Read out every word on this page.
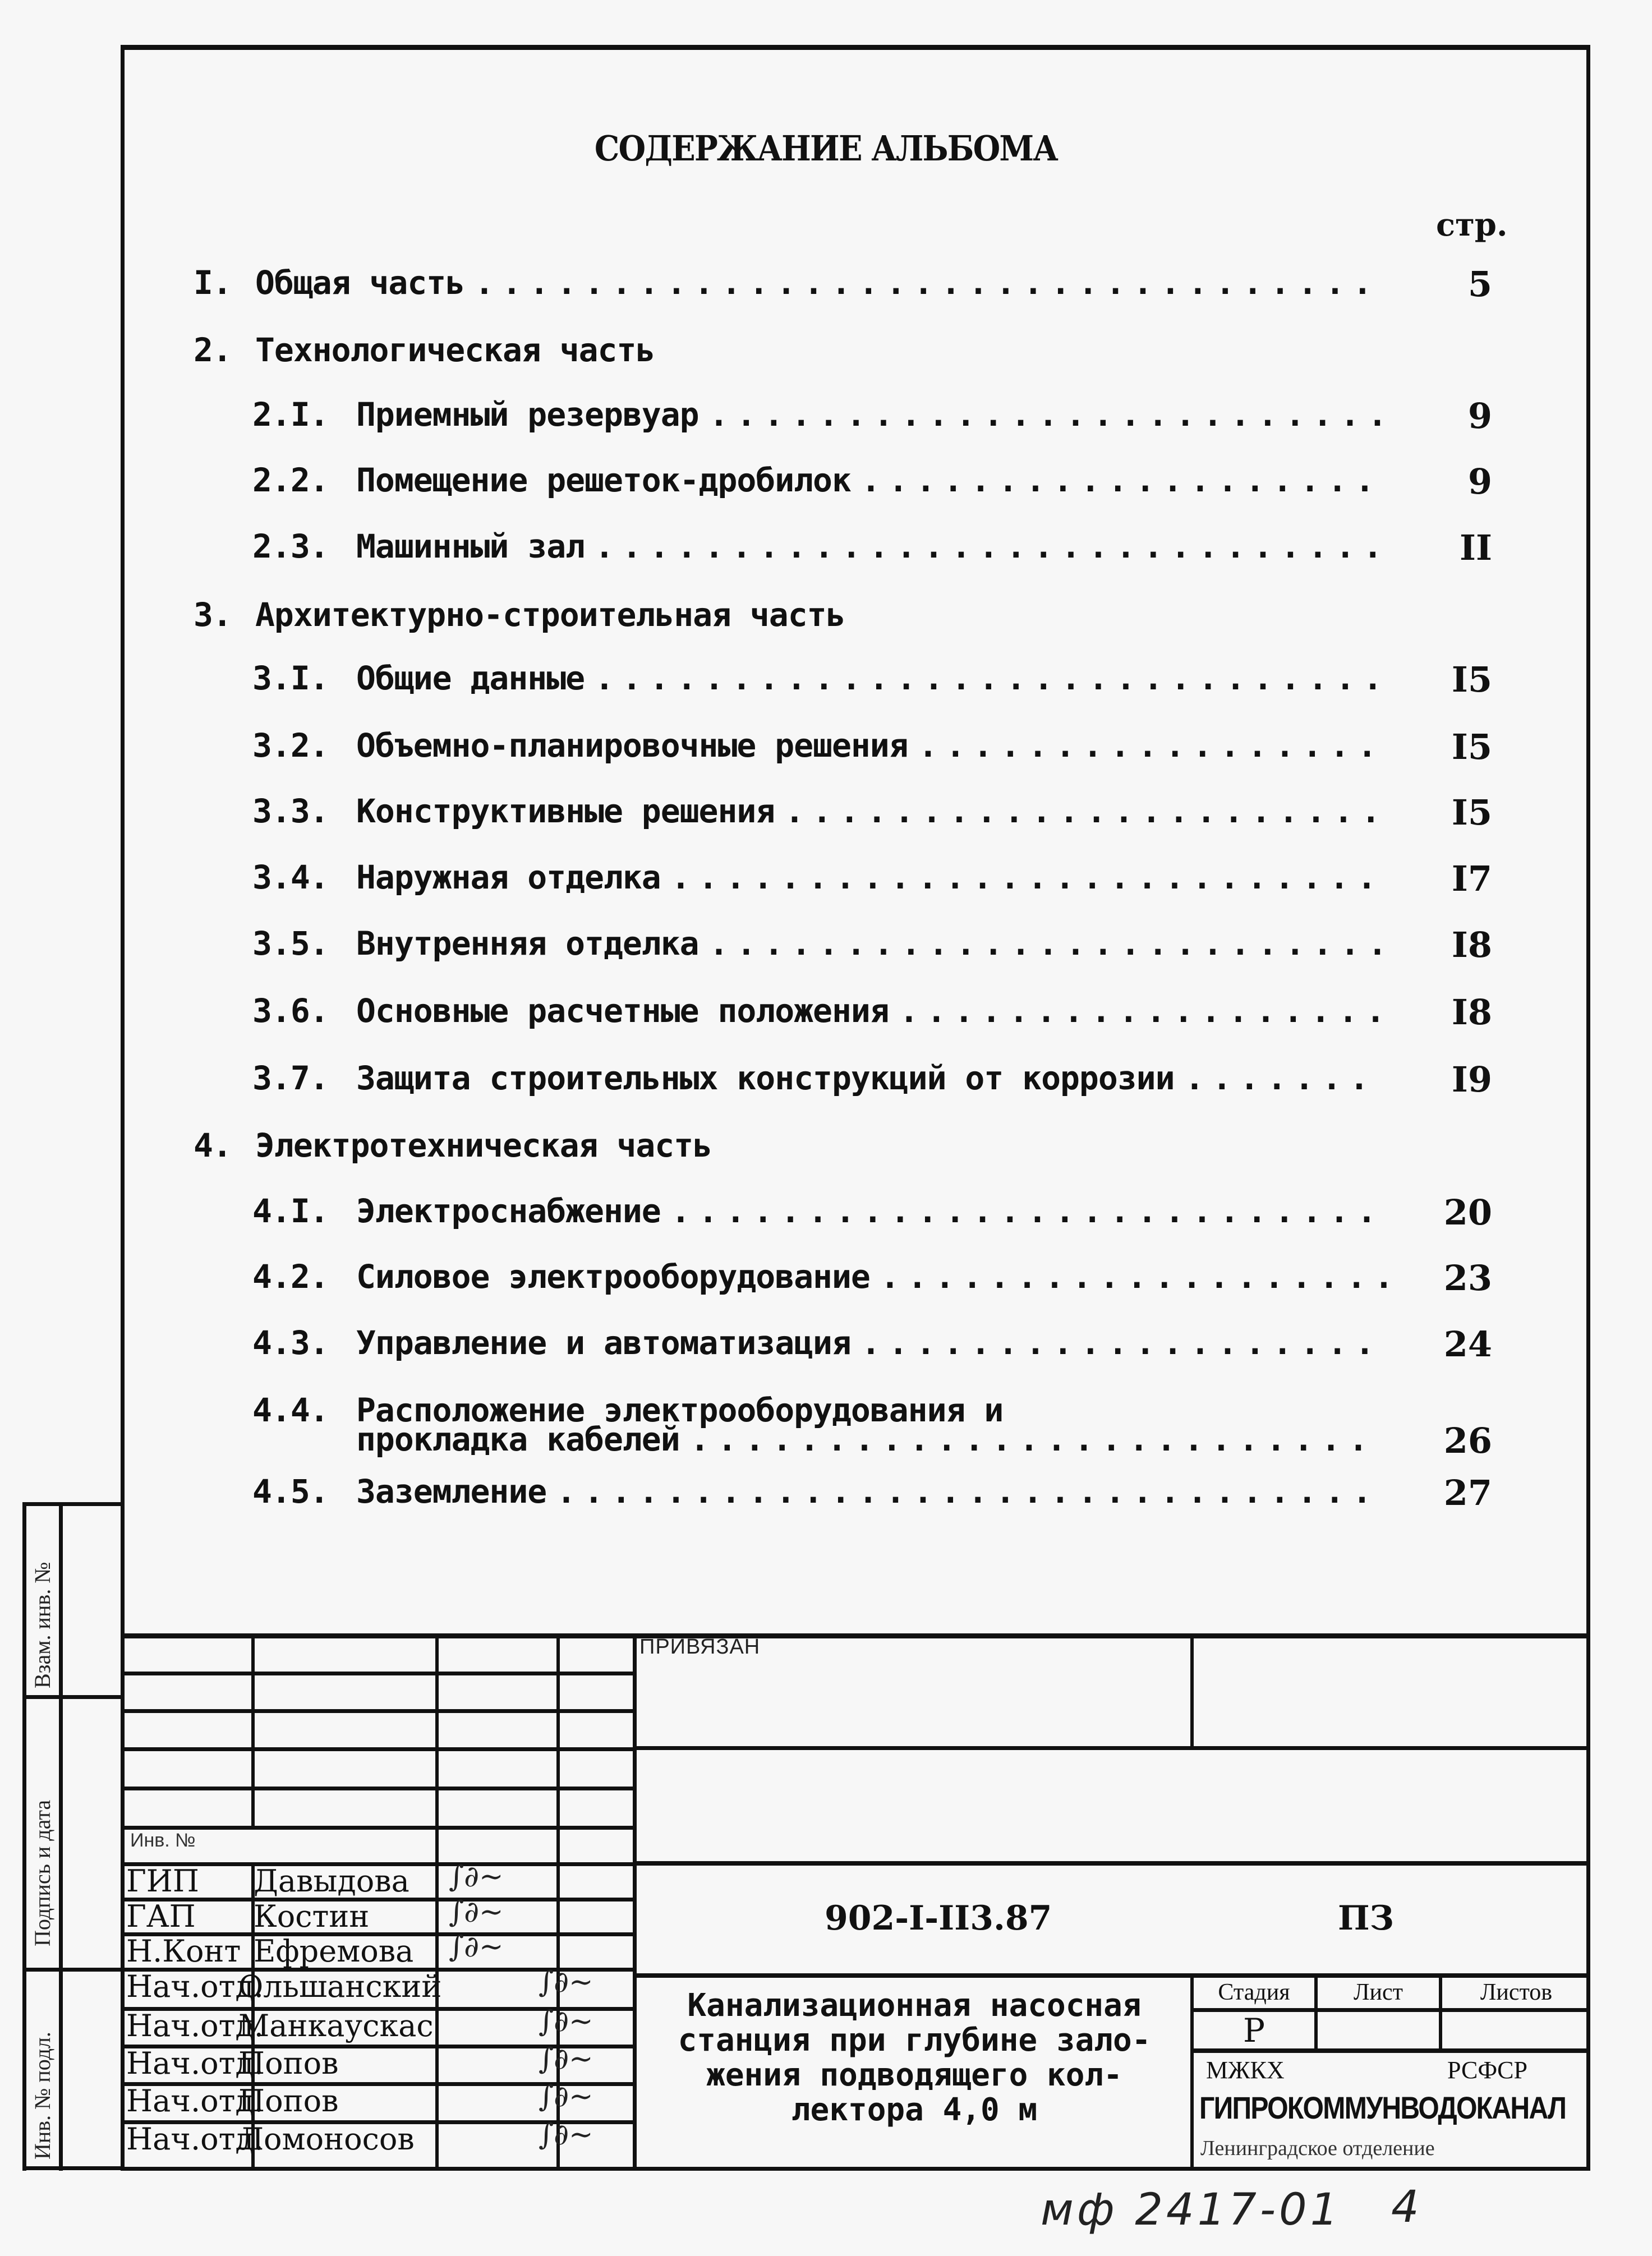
СОДЕРЖАНИЕ АЛЬБОМА
стр.
I. Общая часть .................................	5
2. Технологическая часть
2.I. Приемный резервуар .........................	9
2.2. Помещение решеток-дробилок ...................	9
2.3. Машинный зал .............................	II
3. Архитектурно-строительная часть
3.I. Общие данные .............................	I5
3.2. Объемно-планировочные решения .................	I5
3.3. Конструктивные решения ......................	I5
3.4. Наружная отделка ..........................	I7
3.5. Внутренняя отделка .........................	I8
3.6. Основные расчетные положения ..................	I8
3.7. Защита строительных конструкций от коррозии .......	I9
4. Электротехническая часть
4.I. Электроснабжение ..........................	20
4.2. Силовое электрооборудование ...................	23
4.3. Управление и автоматизация ...................	24
4.4. Расположение электрооборудования и
прокладка кабелей .........................	26
4.5. Заземление ..............................	27
Взам. инв. №
Подпись и дата
Инв. № подл.
Инв. №
ГИП Давыдова ∫∂~
ГАП Костин	∫∂~
Н.Конт Ефремова ∫∂~
Нач.отд.
Ольшанский	∫∂~
Нач.отд.
Манкаускас	∫∂~
Нач.отд.
Попов	∫∂~
Нач.отд.
Попов	∫∂~
Нач.отд.
Ломоносов	∫∂~
ПРИВЯЗАН
902-I-II3.87	ПЗ
Канализационная насосная
станция при глубине зало-
жения подводящего кол-
лектора 4,0 м
Стадия	Лист	Листов
Р
МЖКХ	РСФСР
ГИПРОКОММУНВОДОКАНАЛ
Ленинградское отделение
мф 2417-01 4
